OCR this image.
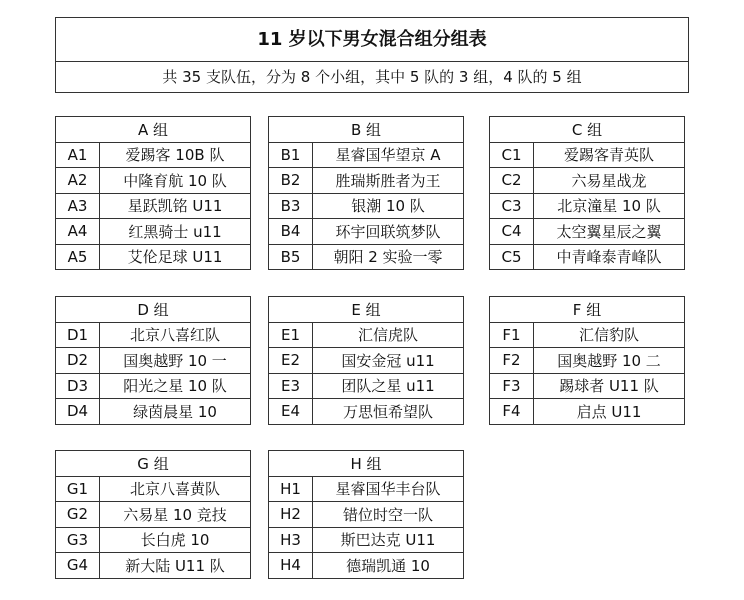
11 岁以下男女混合组分组表
共 35 支队伍，分为 8 个小组，其中 5 队的 3 组，4 队的 5 组
A 组	
A1	爱踢客 10B 队
A2	中隆育航 10 队
A3	星跃凯铭 U11
A4	红黑骑士 u11
A5	艾伦足球 U11
B 组	
B1	星睿国华望京 A
B2	胜瑞斯胜者为王
B3	银潮 10 队
B4	环宇回联筑梦队
B5	朝阳 2 实验一零
C 组	
C1	爱踢客青英队
C2	六易星战龙
C3	北京潼星 10 队
C4	太空翼星辰之翼
C5	中青峰泰青峰队
D 组	
D1	北京八喜红队
D2	国奥越野 10 一
D3	阳光之星 10 队
D4	绿茵晨星 10
E 组	
E1	汇信虎队
E2	国安金冠 u11
E3	团队之星 u11
E4	万思恒希望队
F 组	
F1	汇信豹队
F2	国奥越野 10 二
F3	踢球者 U11 队
F4	启点 U11
G 组	
G1	北京八喜黄队
G2	六易星 10 竞技
G3	长白虎 10
G4	新大陆 U11 队
H 组	
H1	星睿国华丰台队
H2	错位时空一队
H3	斯巴达克 U11
H4	德瑞凯通 10
